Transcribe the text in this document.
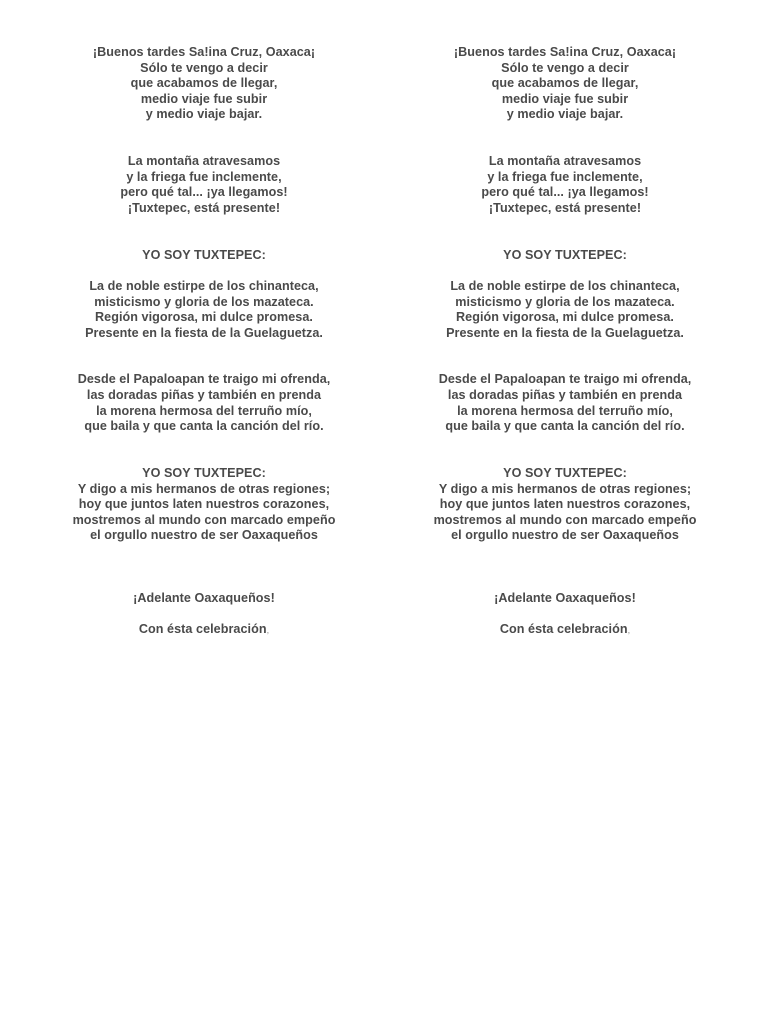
¡Buenos tardes Sa!ina Cruz, Oaxaca¡
Sólo te vengo a decir
que acabamos de llegar,
medio viaje fue subir
y medio viaje bajar.
La montaña atravesamos
y la friega fue inclemente,
pero qué tal... ¡ya llegamos!
¡Tuxtepec, está presente!
YO SOY TUXTEPEC:
La de noble estirpe de los chinanteca,
misticismo y gloria de los mazateca.
Región vigorosa, mi dulce promesa.
Presente en la fiesta de la Guelaguetza.
Desde el Papaloapan te traigo mi ofrenda,
las doradas piñas y también en prenda
la morena hermosa del terruño mío,
que baila y que canta la canción del río.
YO SOY TUXTEPEC:
Y digo a mis hermanos de otras regiones;
hoy que juntos laten nuestros corazones,
mostremos al mundo con marcado empeño
el orgullo nuestro de ser Oaxaqueños
¡Adelante Oaxaqueños!
Con ésta celebración,
¡Buenos tardes Sa!ina Cruz, Oaxaca¡
Sólo te vengo a decir
que acabamos de llegar,
medio viaje fue subir
y medio viaje bajar.
La montaña atravesamos
y la friega fue inclemente,
pero qué tal... ¡ya llegamos!
¡Tuxtepec, está presente!
YO SOY TUXTEPEC:
La de noble estirpe de los chinanteca,
misticismo y gloria de los mazateca.
Región vigorosa, mi dulce promesa.
Presente en la fiesta de la Guelaguetza.
Desde el Papaloapan te traigo mi ofrenda,
las doradas piñas y también en prenda
la morena hermosa del terruño mío,
que baila y que canta la canción del río.
YO SOY TUXTEPEC:
Y digo a mis hermanos de otras regiones;
hoy que juntos laten nuestros corazones,
mostremos al mundo con marcado empeño
el orgullo nuestro de ser Oaxaqueños
¡Adelante Oaxaqueños!
Con ésta celebración,
